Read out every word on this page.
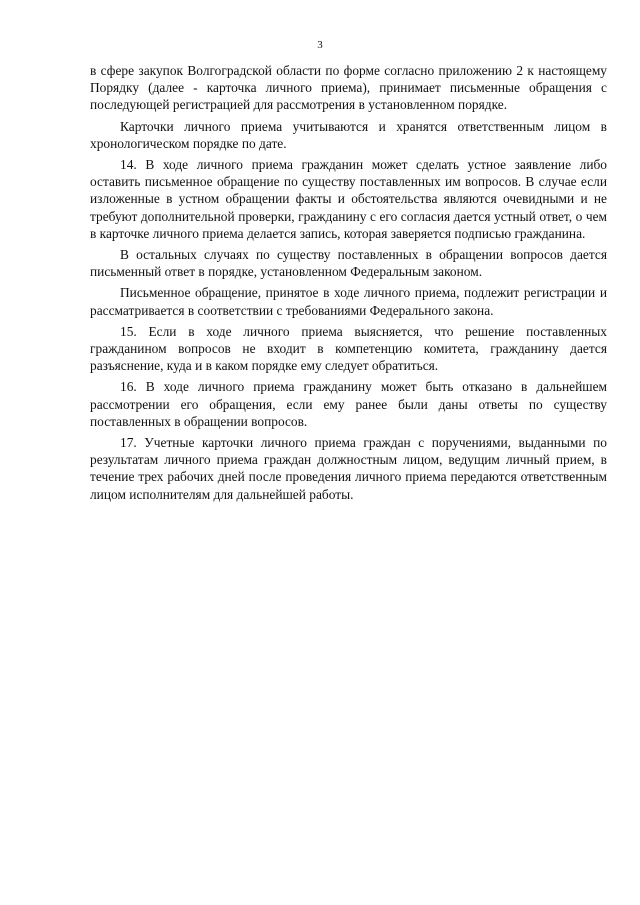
3

в сфере закупок Волгоградской области по форме согласно приложению 2 к настоящему Порядку (далее - карточка личного приема), принимает письменные обращения с последующей регистрацией для рассмотрения в установленном порядке.

Карточки личного приема учитываются и хранятся ответственным лицом в хронологическом порядке по дате.

14. В ходе личного приема гражданин может сделать устное заявление либо оставить письменное обращение по существу поставленных им вопросов. В случае если изложенные в устном обращении факты и обстоятельства являются очевидными и не требуют дополнительной проверки, гражданину с его согласия дается устный ответ, о чем в карточке личного приема делается запись, которая заверяется подписью гражданина.

В остальных случаях по существу поставленных в обращении вопросов дается письменный ответ в порядке, установленном Федеральным законом.

Письменное обращение, принятое в ходе личного приема, подлежит регистрации и рассматривается в соответствии с требованиями Федерального закона.

15. Если в ходе личного приема выясняется, что решение поставленных гражданином вопросов не входит в компетенцию комитета, гражданину дается разъяснение, куда и в каком порядке ему следует обратиться.

16. В ходе личного приема гражданину может быть отказано в дальнейшем рассмотрении его обращения, если ему ранее были даны ответы по существу поставленных в обращении вопросов.

17. Учетные карточки личного приема граждан с поручениями, выданными по результатам личного приема граждан должностным лицом, ведущим личный прием, в течение трех рабочих дней после проведения личного приема передаются ответственным лицом исполнителям для дальнейшей работы.
